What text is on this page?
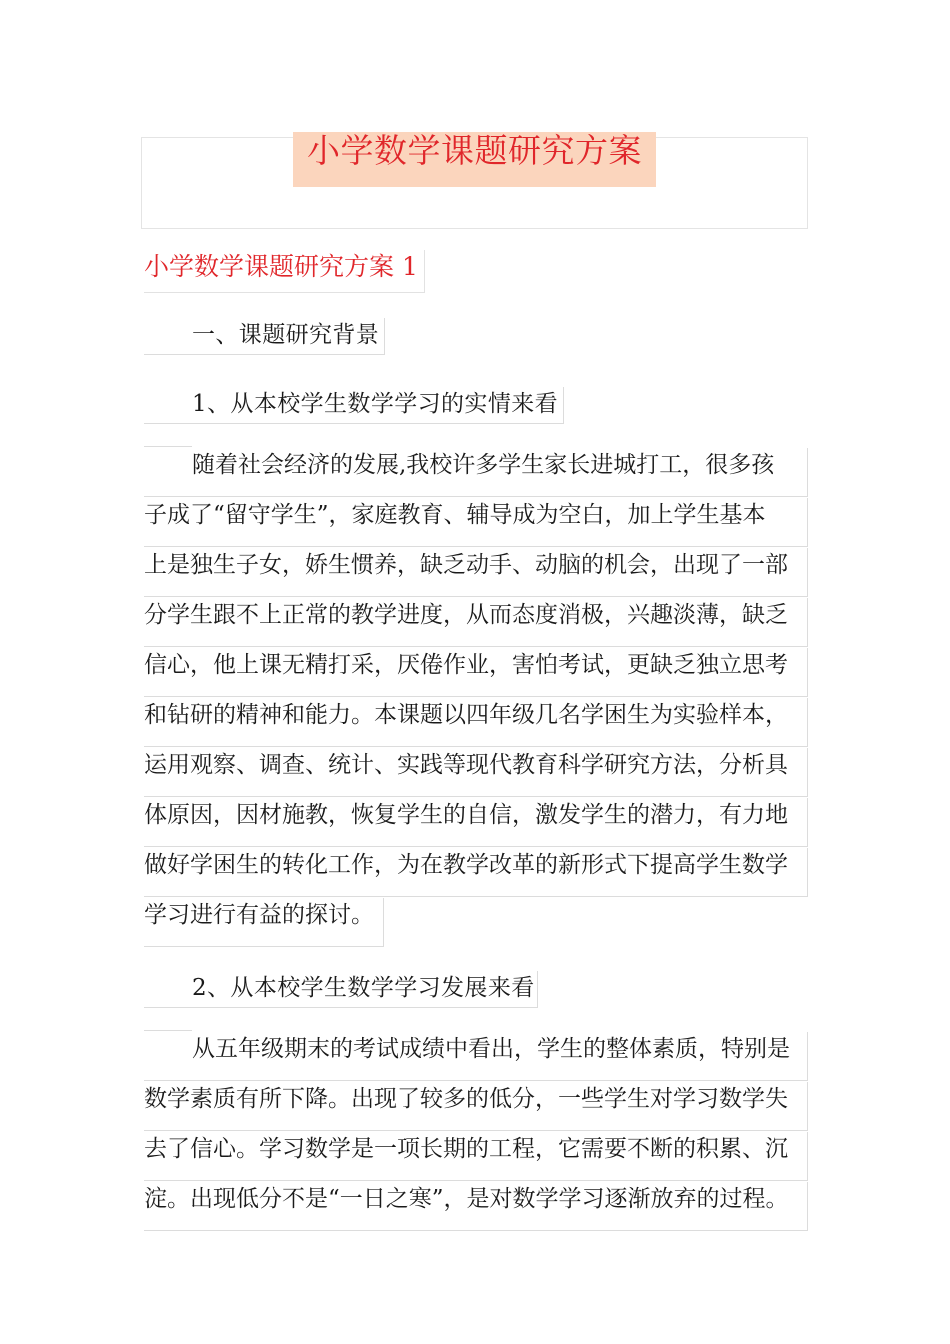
小学数学课题研究方案
小学数学课题研究方案 1
一、课题研究背景
1、从本校学生数学学习的实情来看
2、从本校学生数学学习发展来看
随着社会经济的发展,我校许多学生家长进城打工，很多孩
子成了“留守学生”，家庭教育、辅导成为空白，加上学生基本
上是独生子女，娇生惯养，缺乏动手、动脑的机会，出现了一部
分学生跟不上正常的教学进度，从而态度消极，兴趣淡薄，缺乏
信心，他上课无精打采，厌倦作业，害怕考试，更缺乏独立思考
和钻研的精神和能力。本课题以四年级几名学困生为实验样本，
运用观察、调查、统计、实践等现代教育科学研究方法，分析具
体原因，因材施教，恢复学生的自信，激发学生的潜力，有力地
做好学困生的转化工作，为在教学改革的新形式下提高学生数学
学习进行有益的探讨。
从五年级期末的考试成绩中看出，学生的整体素质，特别是
数学素质有所下降。出现了较多的低分，一些学生对学习数学失
去了信心。学习数学是一项长期的工程，它需要不断的积累、沉
淀。出现低分不是“一日之寒”，是对数学学习逐渐放弃的过程。
